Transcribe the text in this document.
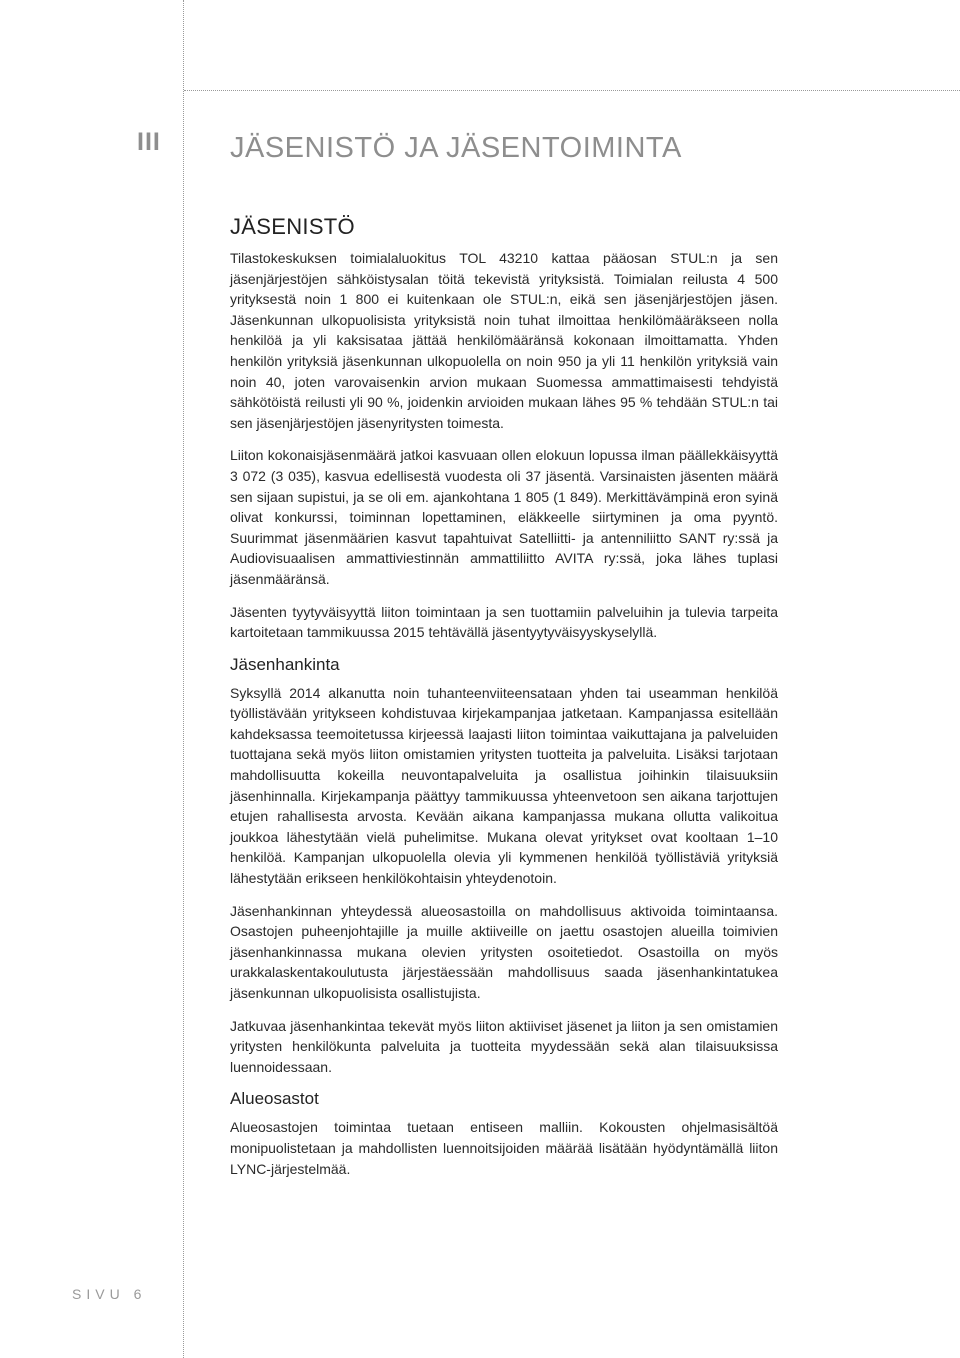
III JÄSENISTÖ JA JÄSENTOIMINTA
JÄSENISTÖ

Tilastokeskuksen toimialaluokitus TOL 43210 kattaa pääosan STUL:n ja sen jäsenjärjestöjen sähköistysalan töitä tekevistä yrityksistä. Toimialan reilusta 4 500 yrityksestä noin 1 800 ei kuitenkaan ole STUL:n, eikä sen jäsenjärjestöjen jäsen. Jäsenkunnan ulkopuolisista yrityksistä noin tuhat ilmoittaa henkilömääräkseen nolla henkilöä ja yli kaksisataa jättää henkilömääränsä kokonaan ilmoittamatta. Yhden henkilön yrityksiä jäsenkunnan ulkopuolella on noin 950 ja yli 11 henkilön yrityksiä vain noin 40, joten varovaisenkin arvion mukaan Suomessa ammattimaisesti tehdyistä sähkötöistä reilusti yli 90 %, joidenkin arvioiden mukaan lähes 95 % tehdään STUL:n tai sen jäsenjärjestöjen jäsenyritysten toimesta.

Liiton kokonaisjäsenmäärä jatkoi kasvuaan ollen elokuun lopussa ilman päällekkäisyyttä 3 072 (3 035), kasvua edellisestä vuodesta oli 37 jäsentä. Varsinaisten jäsenten määrä sen sijaan supistui, ja se oli em. ajankohtana 1 805 (1 849). Merkittävämpinä eron syinä olivat konkurssi, toiminnan lopettaminen, eläkkeelle siirtyminen ja oma pyyntö. Suurimmat jäsenmäärien kasvut tapahtuivat Satelliitti- ja antenniliitto SANT ry:ssä ja Audiovisuaalisen ammattiviestinnän ammattiliitto AVITA ry:ssä, joka lähes tuplasi jäsenmääränsä.

Jäsenten tyytyväisyyttä liiton toimintaan ja sen tuottamiin palveluihin ja tulevia tarpeita kartoitetaan tammikuussa 2015 tehtävällä jäsentyytyväisyyskyselyllä.

Jäsenhankinta

Syksyllä 2014 alkanutta noin tuhanteenviiteensataan yhden tai useamman henkilöä työllistävään yritykseen kohdistuvaa kirjekampanjaa jatketaan. Kampanjassa esitellään kahdeksassa teemoitetussa kirjeessä laajasti liiton toimintaa vaikuttajana ja palveluiden tuottajana sekä myös liiton omistamien yritysten tuotteita ja palveluita. Lisäksi tarjotaan mahdollisuutta kokeilla neuvontapalveluita ja osallistua joihinkin tilaisuuksiin jäsenhinnalla. Kirjekampanja päättyy tammikuussa yhteenvetoon sen aikana tarjottujen etujen rahallisesta arvosta. Kevään aikana kampanjassa mukana ollutta valikoitua joukkoa lähestytään vielä puhelimitse. Mukana olevat yritykset ovat kooltaan 1–10 henkilöä. Kampanjan ulkopuolella olevia yli kymmenen henkilöä työllistäviä yrityksiä lähestytään erikseen henkilökohtaisin yhteydenotoin.

Jäsenhankinnan yhteydessä alueosastoilla on mahdollisuus aktivoida toimintaansa. Osastojen puheenjohtajille ja muille aktiiveille on jaettu osastojen alueilla toimivien jäsenhankinnassa mukana olevien yritysten osoitetiedot. Osastoilla on myös urakkalaskentakoulutusta järjestäessään mahdollisuus saada jäsenhankintatukea jäsenkunnan ulkopuolisista osallistujista.

Jatkuvaa jäsenhankintaa tekevät myös liiton aktiiviset jäsenet ja liiton ja sen omistamien yritysten henkilökunta palveluita ja tuotteita myydessään sekä alan tilaisuuksissa luennoidessaan.

Alueosastot

Alueosastojen toimintaa tuetaan entiseen malliin. Kokousten ohjelmasisältöä monipuolistetaan ja mahdollisten luennoitsijoiden määrää lisätään hyödyntämällä liiton LYNC-järjestelmää.

SIVU 6
